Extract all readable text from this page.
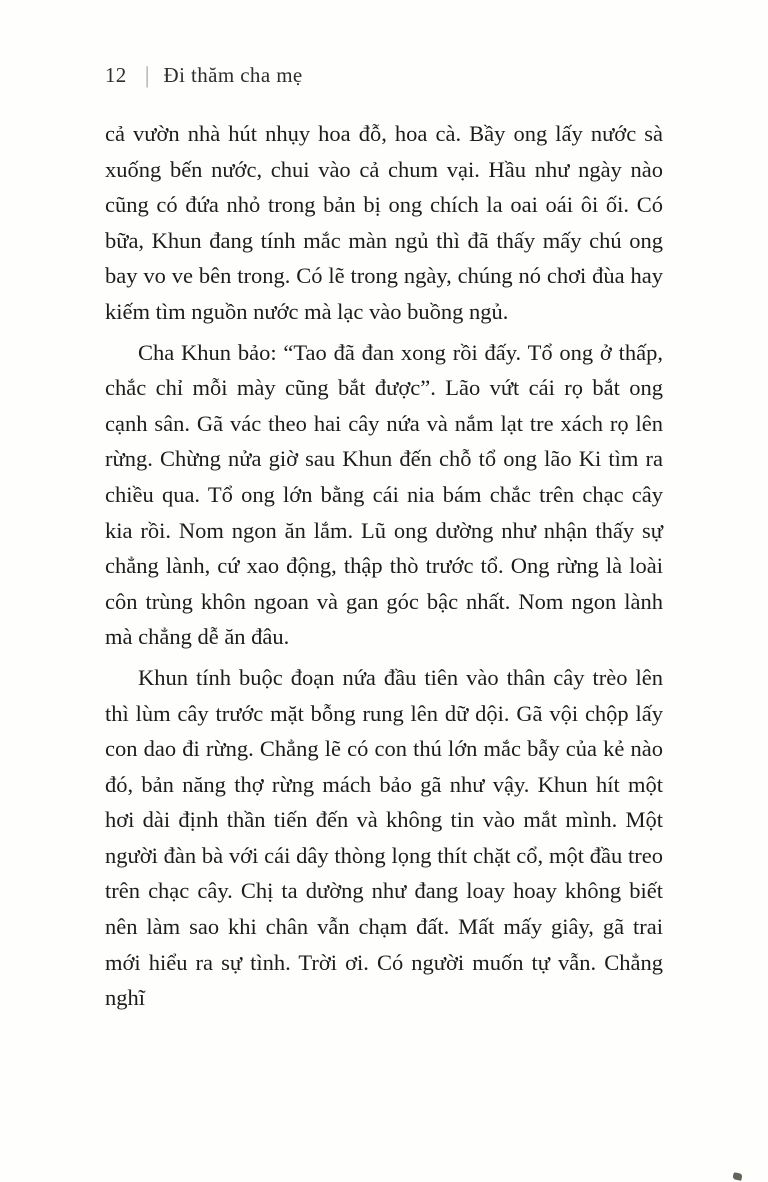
12 | Đi thăm cha mẹ

cả vườn nhà hút nhụy hoa đỗ, hoa cà. Bầy ong lấy nước sà xuống bến nước, chui vào cả chum vại. Hầu như ngày nào cũng có đứa nhỏ trong bản bị ong chích la oai oái ôi ối. Có bữa, Khun đang tính mắc màn ngủ thì đã thấy mấy chú ong bay vo ve bên trong. Có lẽ trong ngày, chúng nó chơi đùa hay kiếm tìm nguồn nước mà lạc vào buồng ngủ.

Cha Khun bảo: “Tao đã đan xong rồi đấy. Tổ ong ở thấp, chắc chỉ mỗi mày cũng bắt được”. Lão vứt cái rọ bắt ong cạnh sân. Gã vác theo hai cây nứa và nắm lạt tre xách rọ lên rừng. Chừng nửa giờ sau Khun đến chỗ tổ ong lão Ki tìm ra chiều qua. Tổ ong lớn bằng cái nia bám chắc trên chạc cây kia rồi. Nom ngon ăn lắm. Lũ ong dường như nhận thấy sự chẳng lành, cứ xao động, thập thò trước tổ. Ong rừng là loài côn trùng khôn ngoan và gan góc bậc nhất. Nom ngon lành mà chẳng dễ ăn đâu.

Khun tính buộc đoạn nứa đầu tiên vào thân cây trèo lên thì lùm cây trước mặt bỗng rung lên dữ dội. Gã vội chộp lấy con dao đi rừng. Chẳng lẽ có con thú lớn mắc bẫy của kẻ nào đó, bản năng thợ rừng mách bảo gã như vậy. Khun hít một hơi dài định thần tiến đến và không tin vào mắt mình. Một người đàn bà với cái dây thòng lọng thít chặt cổ, một đầu treo trên chạc cây. Chị ta dường như đang loay hoay không biết nên làm sao khi chân vẫn chạm đất. Mất mấy giây, gã trai mới hiểu ra sự tình. Trời ơi. Có người muốn tự vẫn. Chẳng nghĩ
